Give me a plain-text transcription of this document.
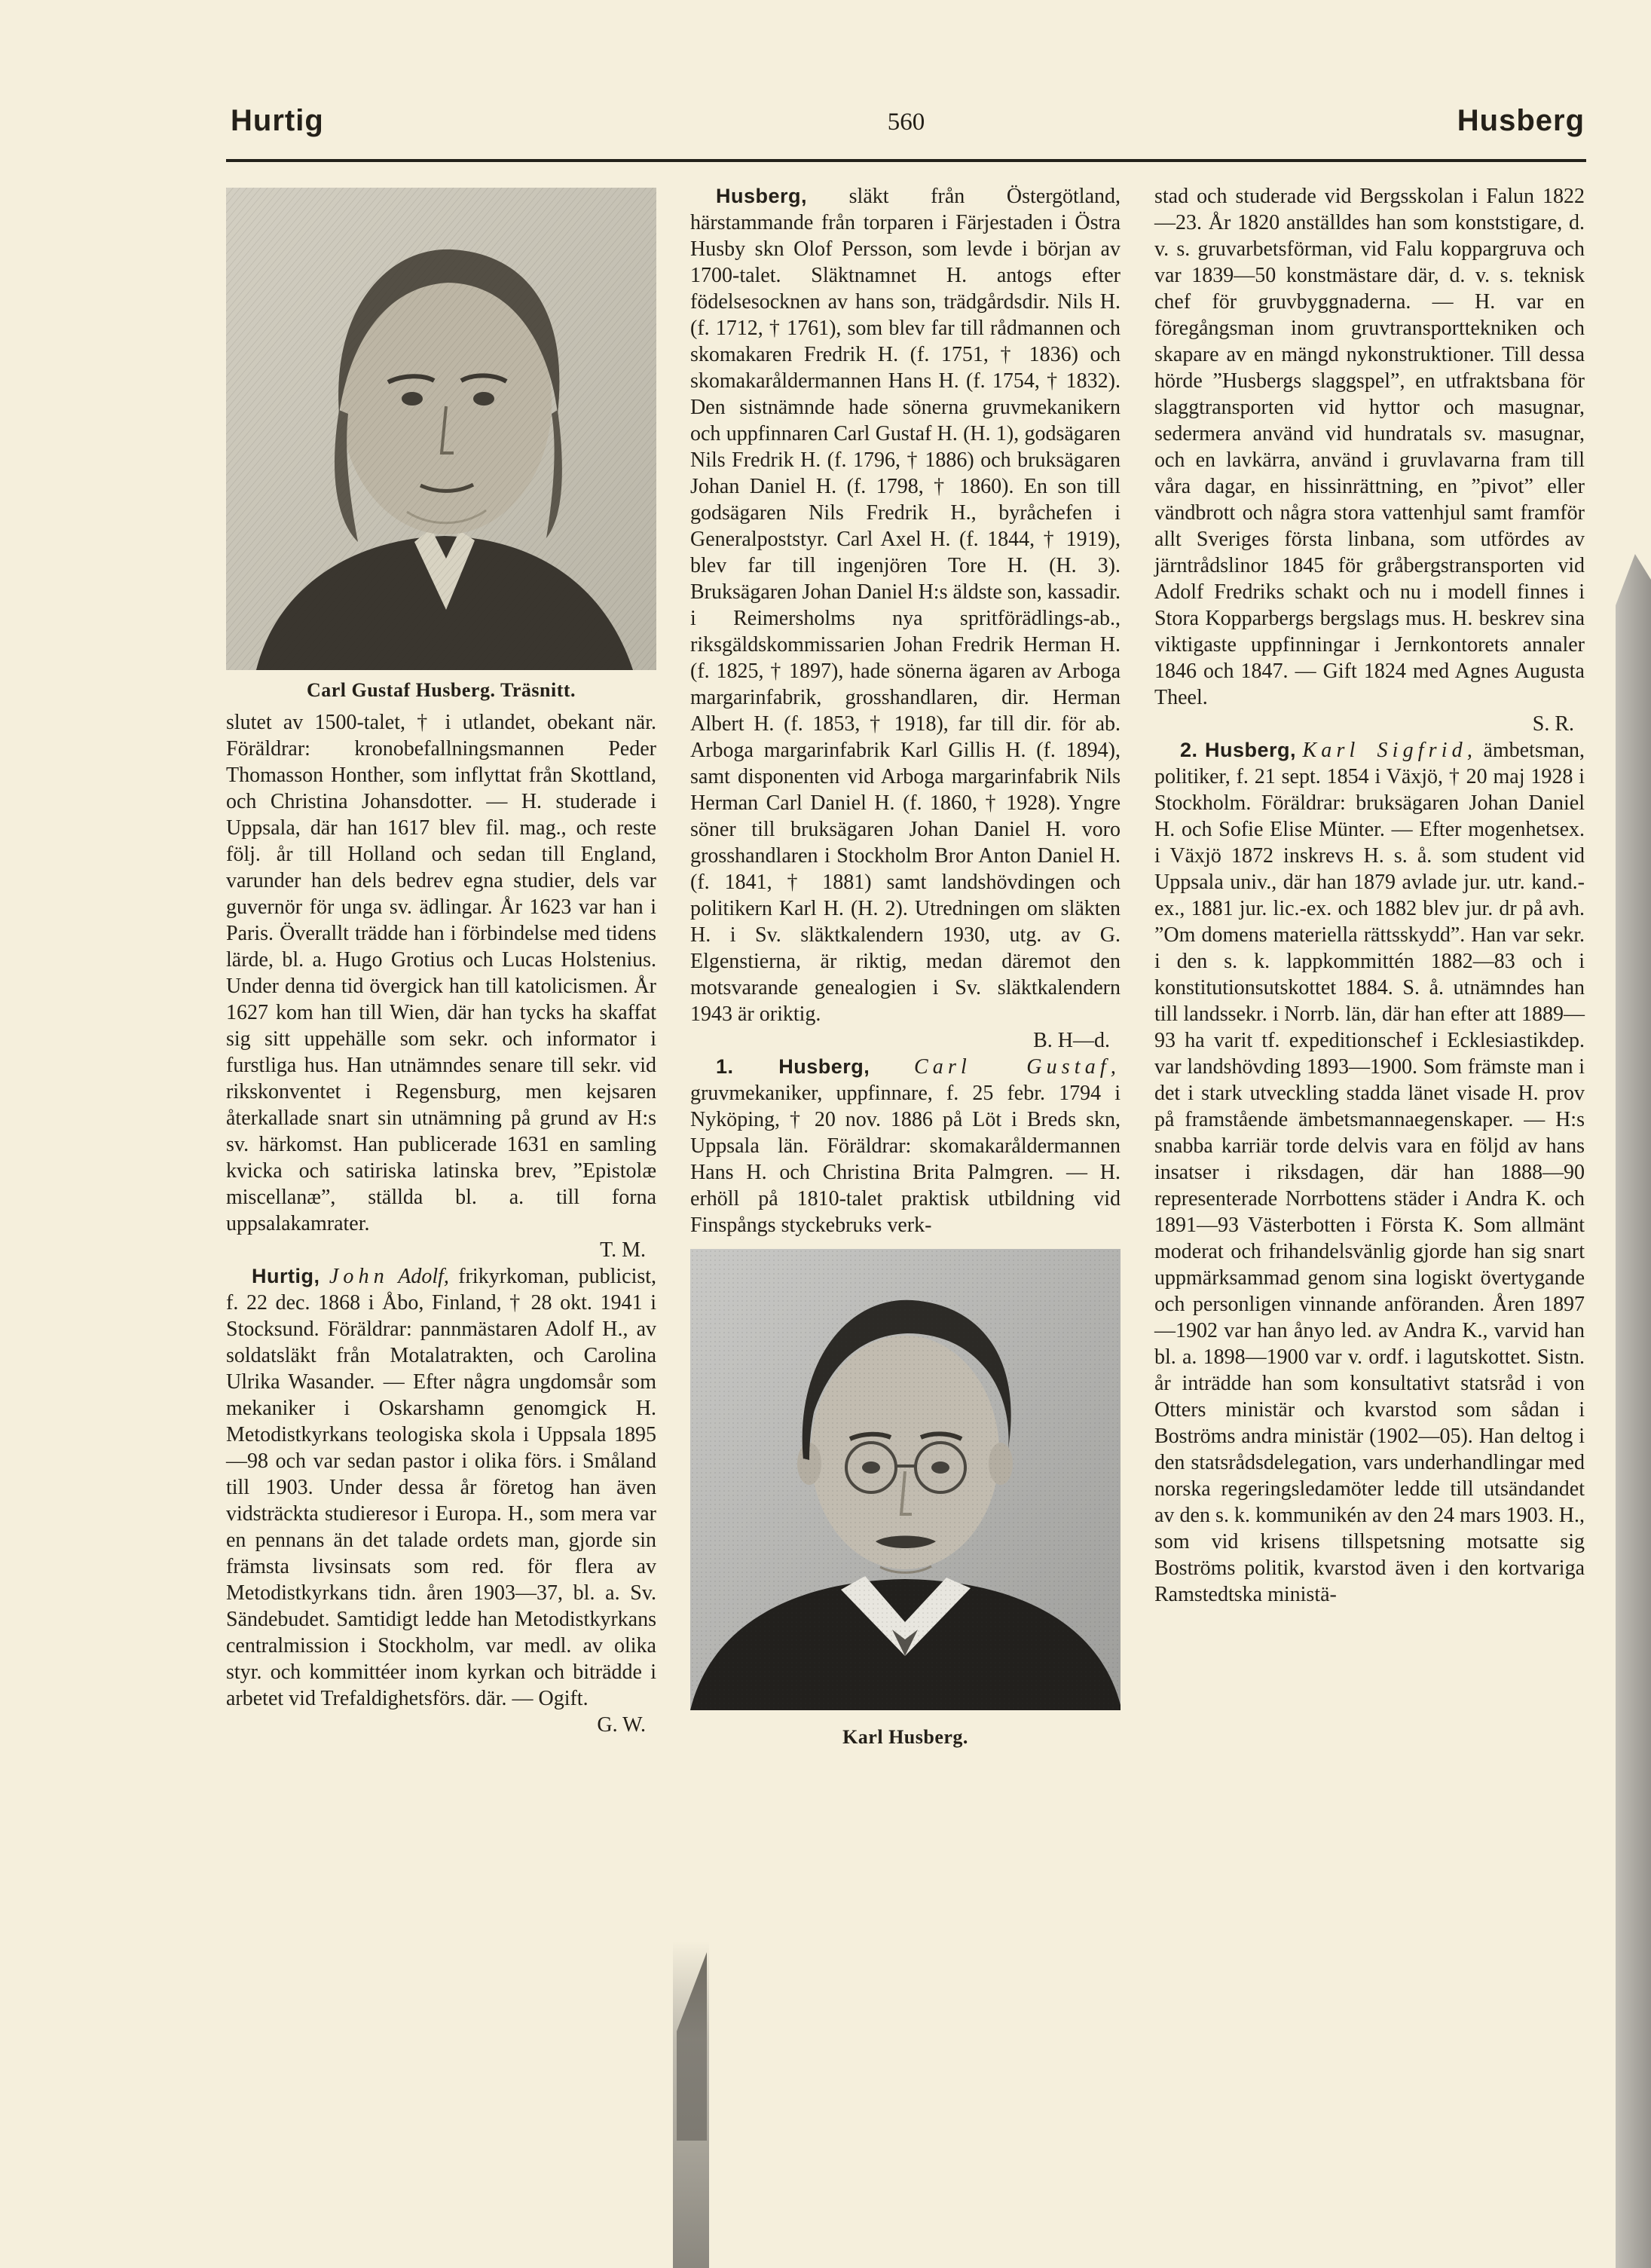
Hurtig	560	Husberg
Carl Gustaf Husberg. Träsnitt.

slutet av 1500-talet, † i utlandet, obekant när. Föräldrar: kronobefallningsmannen Peder Thomasson Honther, som inflyttat från Skottland, och Christina Johansdotter. — H. studerade i Uppsala, där han 1617 blev fil. mag., och reste följ. år till Holland och sedan till England, varunder han dels bedrev egna studier, dels var guvernör för unga sv. ädlingar. År 1623 var han i Paris. Överallt trädde han i förbindelse med tidens lärde, bl. a. Hugo Grotius och Lucas Holstenius. Under denna tid övergick han till katolicismen. År 1627 kom han till Wien, där han tycks ha skaffat sig sitt uppehälle som sekr. och informator i furstliga hus. Han utnämndes senare till sekr. vid rikskonventet i Regensburg, men kejsaren återkallade snart sin utnämning på grund av H:s sv. härkomst. Han publicerade 1631 en samling kvicka och satiriska latinska brev, ”Epistolæ miscellanæ”, ställda bl. a. till forna uppsalakamrater.

T. M.

Hurtig, John Adolf, frikyrkoman, publicist, f. 22 dec. 1868 i Åbo, Finland, † 28 okt. 1941 i Stocksund. Föräldrar: pannmästaren Adolf H., av soldatsläkt från Motalatrakten, och Carolina Ulrika Wasander. — Efter några ungdomsår som mekaniker i Oskarshamn genomgick H. Metodistkyrkans teologiska skola i Uppsala 1895—98 och var sedan pastor i olika förs. i Småland till 1903. Under dessa år företog han även vidsträckta studieresor i Europa. H., som mera var en pennans än det talade ordets man, gjorde sin främsta livsinsats som red. för flera av Metodistkyrkans tidn. åren 1903—37, bl. a. Sv. Sändebudet. Samtidigt ledde han Metodistkyrkans centralmission i Stockholm, var medl. av olika styr. och kommittéer inom kyrkan och biträdde i arbetet vid Trefaldighetsförs. där. — Ogift.

G. W.

Husberg, släkt från Östergötland, härstammande från torparen i Färjestaden i Östra Husby skn Olof Persson, som levde i början av 1700-talet. Släktnamnet H. antogs efter födelsesocknen av hans son, trädgårdsdir. Nils H. (f. 1712, † 1761), som blev far till rådmannen och skomakaren Fredrik H. (f. 1751, † 1836) och skomakaråldermannen Hans H. (f. 1754, † 1832). Den sistnämnde hade sönerna gruvmekanikern och uppfinnaren Carl Gustaf H. (H. 1), godsägaren Nils Fredrik H. (f. 1796, † 1886) och bruksägaren Johan Daniel H. (f. 1798, † 1860). En son till godsägaren Nils Fredrik H., byråchefen i Generalpoststyr. Carl Axel H. (f. 1844, † 1919), blev far till ingenjören Tore H. (H. 3). Bruksägaren Johan Daniel H:s äldste son, kassadir. i Reimersholms nya spritförädlings-ab., riksgäldskommissarien Johan Fredrik Herman H. (f. 1825, † 1897), hade sönerna ägaren av Arboga margarinfabrik, grosshandlaren, dir. Herman Albert H. (f. 1853, † 1918), far till dir. för ab. Arboga margarinfabrik Karl Gillis H. (f. 1894), samt disponenten vid Arboga margarinfabrik Nils Herman Carl Daniel H. (f. 1860, † 1928). Yngre söner till bruksägaren Johan Daniel H. voro grosshandlaren i Stockholm Bror Anton Daniel H. (f. 1841, † 1881) samt landshövdingen och politikern Karl H. (H. 2). Utredningen om släkten H. i Sv. släktkalendern 1930, utg. av G. Elgenstierna, är riktig, medan däremot den motsvarande genealogien i Sv. släktkalendern 1943 är oriktig.

B. H—d.

1. Husberg, Carl Gustaf, gruvmekaniker, uppfinnare, f. 25 febr. 1794 i Nyköping, † 20 nov. 1886 på Löt i Breds skn, Uppsala län. Föräldrar: skomakaråldermannen Hans H. och Christina Brita Palmgren. — H. erhöll på 1810-talet praktisk utbildning vid Finspångs styckebruks verk-

Karl Husberg.

stad och studerade vid Bergsskolan i Falun 1822—23. År 1820 anställdes han som konststigare, d. v. s. gruvarbetsförman, vid Falu koppargruva och var 1839—50 konstmästare där, d. v. s. teknisk chef för gruvbyggnaderna. — H. var en föregångsman inom gruvtransporttekniken och skapare av en mängd nykonstruktioner. Till dessa hörde ”Husbergs slaggspel”, en utfraktsbana för slaggtransporten vid hyttor och masugnar, sedermera använd vid hundratals sv. masugnar, och en lavkärra, använd i gruvlavarna fram till våra dagar, en hissinrättning, en ”pivot” eller vändbrott och några stora vattenhjul samt framför allt Sveriges första linbana, som utfördes av järntrådslinor 1845 för gråbergstransporten vid Adolf Fredriks schakt och nu i modell finnes i Stora Kopparbergs bergslags mus. H. beskrev sina viktigaste uppfinningar i Jernkontorets annaler 1846 och 1847. — Gift 1824 med Agnes Augusta Theel.

S. R.

2. Husberg, Karl Sigfrid, ämbetsman, politiker, f. 21 sept. 1854 i Växjö, † 20 maj 1928 i Stockholm. Föräldrar: bruksägaren Johan Daniel H. och Sofie Elise Münter. — Efter mogenhetsex. i Växjö 1872 inskrevs H. s. å. som student vid Uppsala univ., där han 1879 avlade jur. utr. kand.-ex., 1881 jur. lic.-ex. och 1882 blev jur. dr på avh. ”Om domens materiella rättsskydd”. Han var sekr. i den s. k. lappkommittén 1882—83 och i konstitutionsutskottet 1884. S. å. utnämndes han till landssekr. i Norrb. län, där han efter att 1889—93 ha varit tf. expeditionschef i Ecklesiastikdep. var landshövding 1893—1900. Som främste man i det i stark utveckling stadda länet visade H. prov på framstående ämbetsmannaegenskaper. — H:s snabba karriär torde delvis vara en följd av hans insatser i riksdagen, där han 1888—90 representerade Norrbottens städer i Andra K. och 1891—93 Västerbotten i Första K. Som allmänt moderat och frihandelsvänlig gjorde han sig snart uppmärksammad genom sina logiskt övertygande och personligen vinnande anföranden. Åren 1897—1902 var han ånyo led. av Andra K., varvid han bl. a. 1898—1900 var v. ordf. i lagutskottet. Sistn. år inträdde han som konsultativt statsråd i von Otters ministär och kvarstod som sådan i Boströms andra ministär (1902—05). Han deltog i den statsrådsdelegation, vars underhandlingar med norska regeringsledamöter ledde till utsändandet av den s. k. kommunikén av den 24 mars 1903. H., som vid krisens tillspetsning motsatte sig Boströms politik, kvarstod även i den kortvariga Ramstedtska ministä-
